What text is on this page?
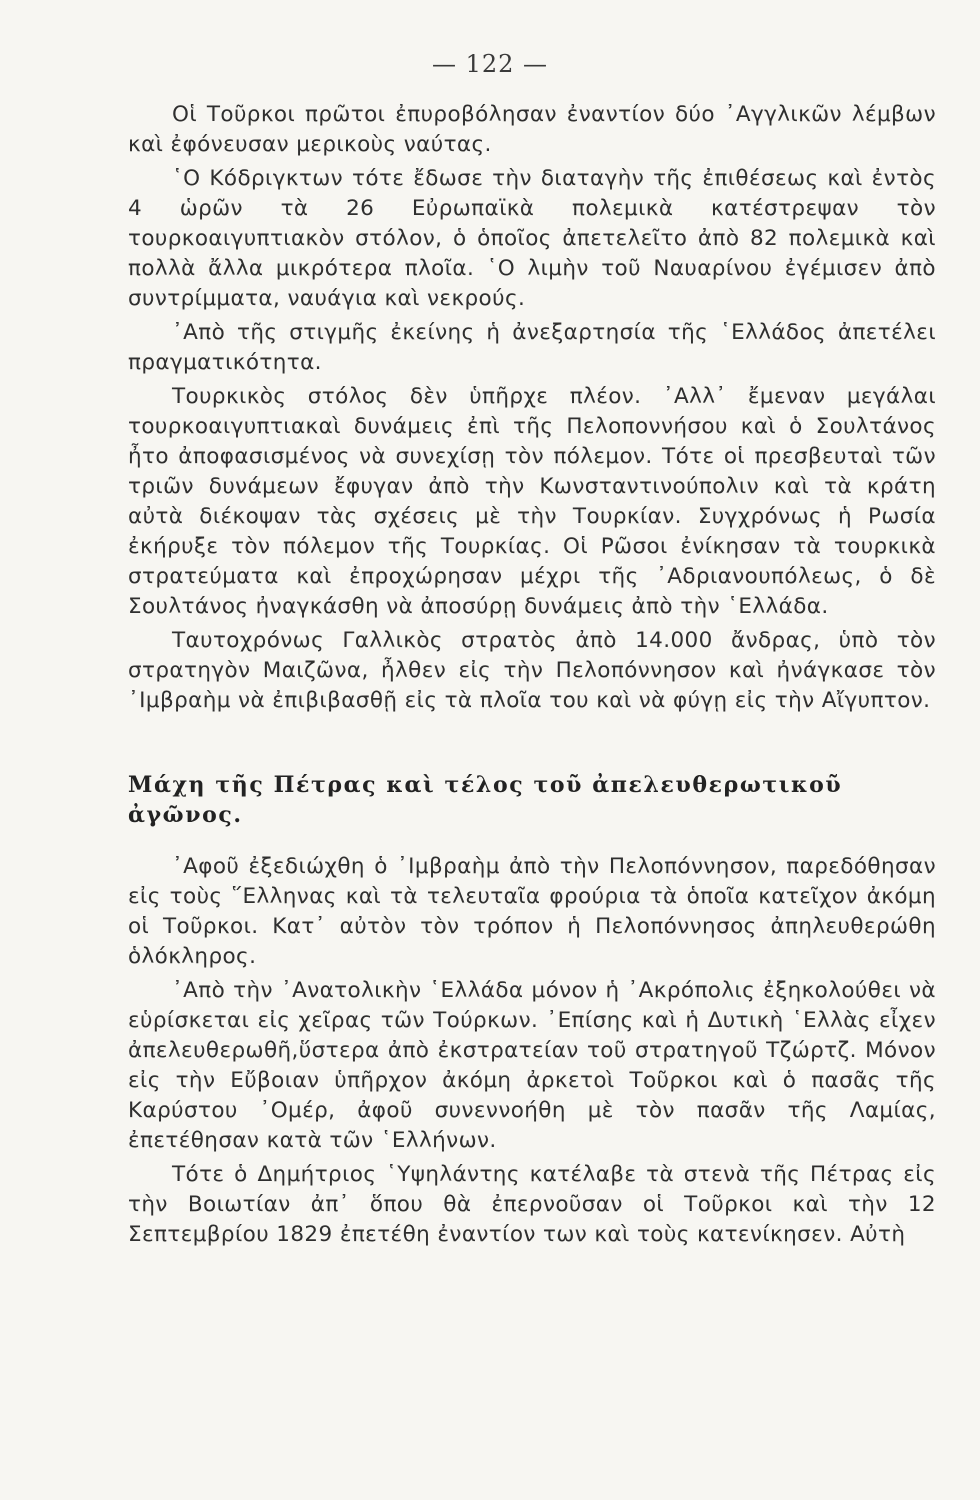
— 122 —

Οἱ Τοῦρκοι πρῶτοι ἐπυροβόλησαν ἐναντίον δύο ᾿Αγγλικῶν λέμβων καὶ ἐφόνευσαν μερικοὺς ναύτας.

῾Ο Κόδριγκτων τότε ἔδωσε τὴν διαταγὴν τῆς ἐπιθέσεως καὶ ἐντὸς 4 ὡρῶν τὰ 26 Εὐρωπαϊκὰ πολεμικὰ κατέστρεψαν τὸν τουρκοαιγυπτιακὸν στόλον, ὁ ὁποῖος ἀπετελεῖτο ἀπὸ 82 πολεμικὰ καὶ πολλὰ ἄλλα μικρότερα πλοῖα. ῾Ο λιμὴν τοῦ Ναυαρίνου ἐγέμισεν ἀπὸ συντρίμματα, ναυάγια καὶ νεκρούς.

᾿Απὸ τῆς στιγμῆς ἐκείνης ἡ ἀνεξαρτησία τῆς ῾Ελλάδος ἀπετέλει πραγματικότητα.

Τουρκικὸς στόλος δὲν ὑπῆρχε πλέον. ᾿Αλλ᾿ ἔμεναν μεγάλαι τουρκοαιγυπτιακαὶ δυνάμεις ἐπὶ τῆς Πελοποννήσου καὶ ὁ Σουλτάνος ἦτο ἀποφασισμένος νὰ συνεχίσῃ τὸν πόλεμον. Τότε οἱ πρεσβευταὶ τῶν τριῶν δυνάμεων ἔφυγαν ἀπὸ τὴν Κωνσταντινούπολιν καὶ τὰ κράτη αὐτὰ διέκοψαν τὰς σχέσεις μὲ τὴν Τουρκίαν. Συγχρόνως ἡ Ρωσία ἐκήρυξε τὸν πόλεμον τῆς Τουρκίας. Οἱ Ρῶσοι ἐνίκησαν τὰ τουρκικὰ στρατεύματα καὶ ἐπροχώρησαν μέχρι τῆς ᾿Αδριανουπόλεως, ὁ δὲ Σουλτάνος ἠναγκάσθη νὰ ἀποσύρῃ δυνάμεις ἀπὸ τὴν ῾Ελλάδα.

Ταυτοχρόνως Γαλλικὸς στρατὸς ἀπὸ 14.000 ἄνδρας, ὑπὸ τὸν στρατηγὸν Μαιζῶνα, ἦλθεν εἰς τὴν Πελοπόννησον καὶ ἠνάγκασε τὸν ᾿Ιμβραὴμ νὰ ἐπιβιβασθῇ εἰς τὰ πλοῖα του καὶ νὰ φύγῃ εἰς τὴν Αἴγυπτον.

Μάχη τῆς Πέτρας καὶ τέλος τοῦ ἀπελευθερωτικοῦ ἀγῶνος.

᾿Αφοῦ ἐξεδιώχθη ὁ ᾿Ιμβραὴμ ἀπὸ τὴν Πελοπόννησον, παρεδόθησαν εἰς τοὺς ῞Ελληνας καὶ τὰ τελευταῖα φρούρια τὰ ὁποῖα κατεῖχον ἀκόμη οἱ Τοῦρκοι. Κατ᾿ αὐτὸν τὸν τρόπον ἡ Πελοπόννησος ἀπηλευθερώθη ὁλόκληρος.

᾿Απὸ τὴν ᾿Ανατολικὴν ῾Ελλάδα μόνον ἡ ᾿Ακρόπολις ἐξηκολούθει νὰ εὑρίσκεται εἰς χεῖρας τῶν Τούρκων. ᾿Επίσης καὶ ἡ Δυτικὴ ῾Ελλὰς εἶχεν ἀπελευθερωθῆ,ὕστερα ἀπὸ ἐκστρατείαν τοῦ στρατηγοῦ Τζώρτζ. Μόνον εἰς τὴν Εὔβοιαν ὑπῆρχον ἀκόμη ἀρκετοὶ Τοῦρκοι καὶ ὁ πασᾶς τῆς Καρύστου ᾿Ομέρ, ἀφοῦ συνεννοήθη μὲ τὸν πασᾶν τῆς Λαμίας, ἐπετέθησαν κατὰ τῶν ῾Ελλήνων.

Τότε ὁ Δημήτριος ῾Υψηλάντης κατέλαβε τὰ στενὰ τῆς Πέτρας εἰς τὴν Βοιωτίαν ἀπ᾿ ὅπου θὰ ἐπερνοῦσαν οἱ Τοῦρκοι καὶ τὴν 12 Σεπτεμβρίου 1829 ἐπετέθη ἐναντίον των καὶ τοὺς κατενίκησεν. Αὐτὴ
